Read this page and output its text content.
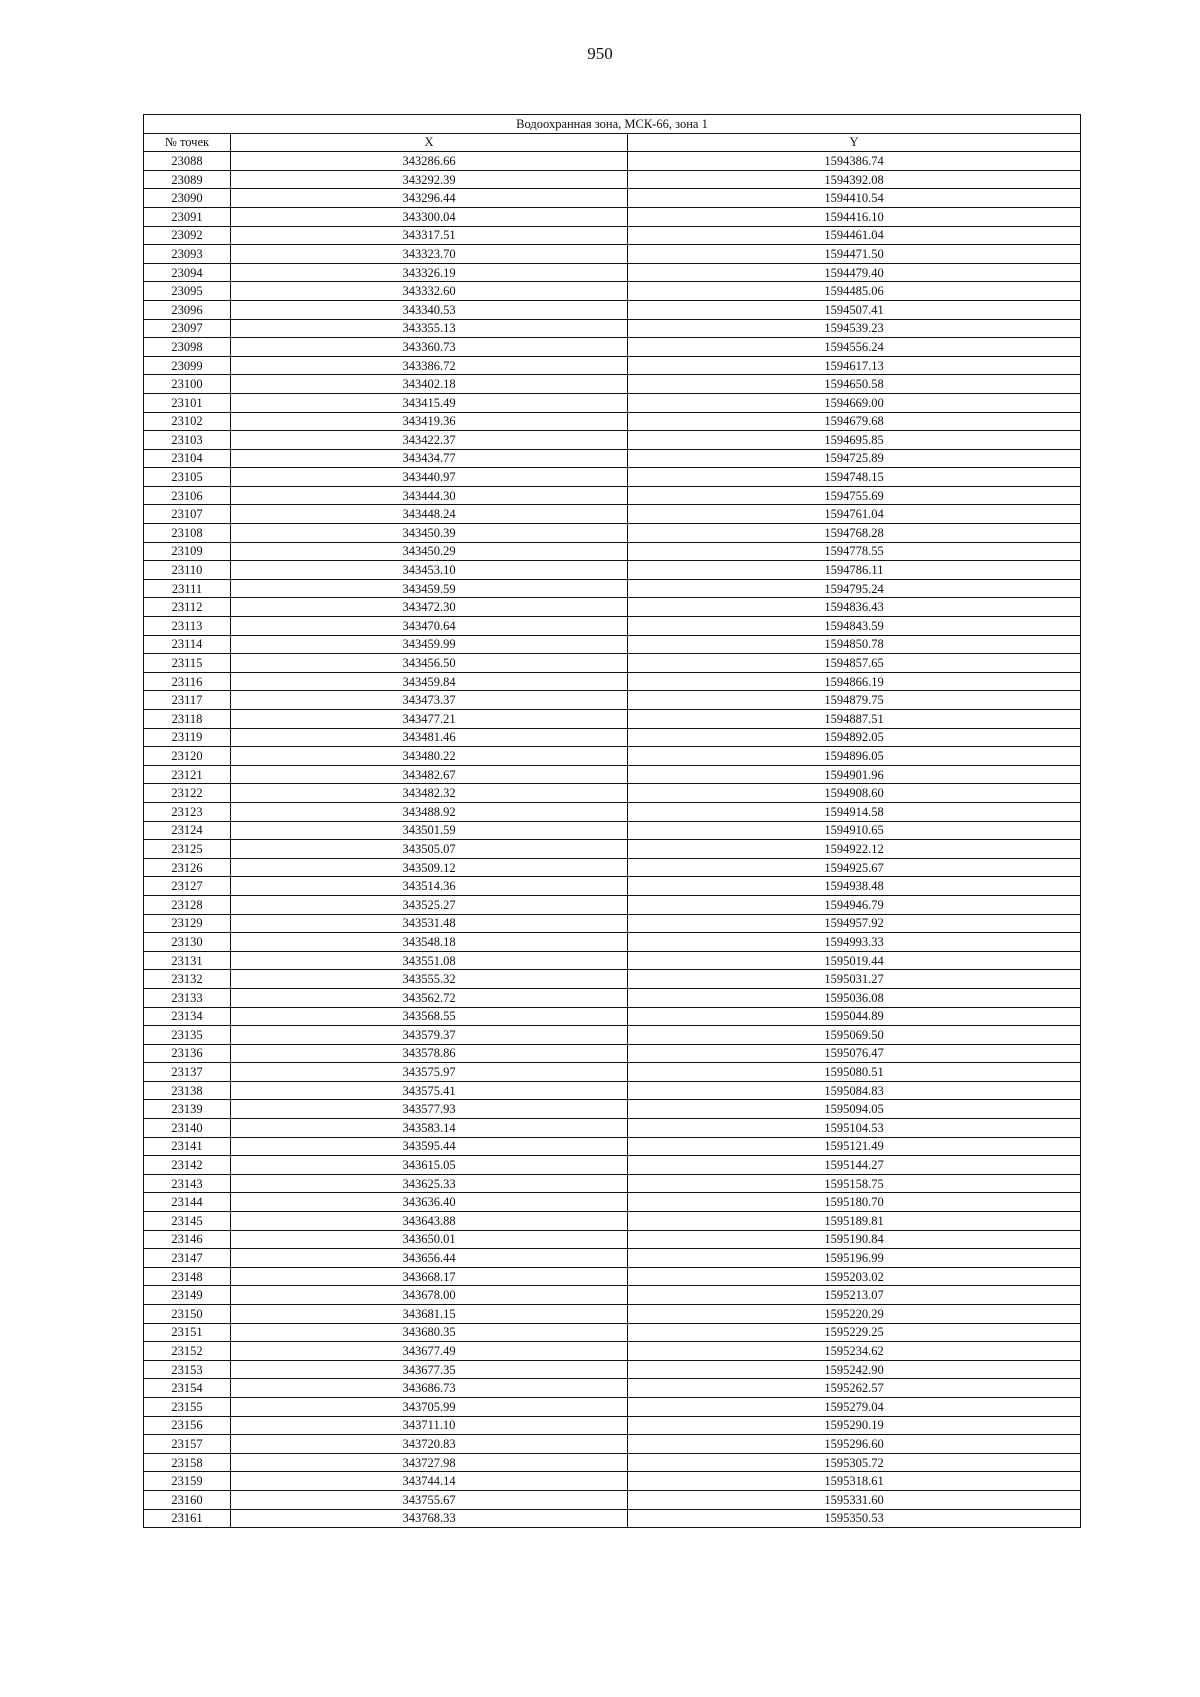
950
Водоохранная зона, МСК-66, зона 1		
№ точек	X	Y
23088	343286.66	1594386.74
23089	343292.39	1594392.08
23090	343296.44	1594410.54
23091	343300.04	1594416.10
23092	343317.51	1594461.04
23093	343323.70	1594471.50
23094	343326.19	1594479.40
23095	343332.60	1594485.06
23096	343340.53	1594507.41
23097	343355.13	1594539.23
23098	343360.73	1594556.24
23099	343386.72	1594617.13
23100	343402.18	1594650.58
23101	343415.49	1594669.00
23102	343419.36	1594679.68
23103	343422.37	1594695.85
23104	343434.77	1594725.89
23105	343440.97	1594748.15
23106	343444.30	1594755.69
23107	343448.24	1594761.04
23108	343450.39	1594768.28
23109	343450.29	1594778.55
23110	343453.10	1594786.11
23111	343459.59	1594795.24
23112	343472.30	1594836.43
23113	343470.64	1594843.59
23114	343459.99	1594850.78
23115	343456.50	1594857.65
23116	343459.84	1594866.19
23117	343473.37	1594879.75
23118	343477.21	1594887.51
23119	343481.46	1594892.05
23120	343480.22	1594896.05
23121	343482.67	1594901.96
23122	343482.32	1594908.60
23123	343488.92	1594914.58
23124	343501.59	1594910.65
23125	343505.07	1594922.12
23126	343509.12	1594925.67
23127	343514.36	1594938.48
23128	343525.27	1594946.79
23129	343531.48	1594957.92
23130	343548.18	1594993.33
23131	343551.08	1595019.44
23132	343555.32	1595031.27
23133	343562.72	1595036.08
23134	343568.55	1595044.89
23135	343579.37	1595069.50
23136	343578.86	1595076.47
23137	343575.97	1595080.51
23138	343575.41	1595084.83
23139	343577.93	1595094.05
23140	343583.14	1595104.53
23141	343595.44	1595121.49
23142	343615.05	1595144.27
23143	343625.33	1595158.75
23144	343636.40	1595180.70
23145	343643.88	1595189.81
23146	343650.01	1595190.84
23147	343656.44	1595196.99
23148	343668.17	1595203.02
23149	343678.00	1595213.07
23150	343681.15	1595220.29
23151	343680.35	1595229.25
23152	343677.49	1595234.62
23153	343677.35	1595242.90
23154	343686.73	1595262.57
23155	343705.99	1595279.04
23156	343711.10	1595290.19
23157	343720.83	1595296.60
23158	343727.98	1595305.72
23159	343744.14	1595318.61
23160	343755.67	1595331.60
23161	343768.33	1595350.53
